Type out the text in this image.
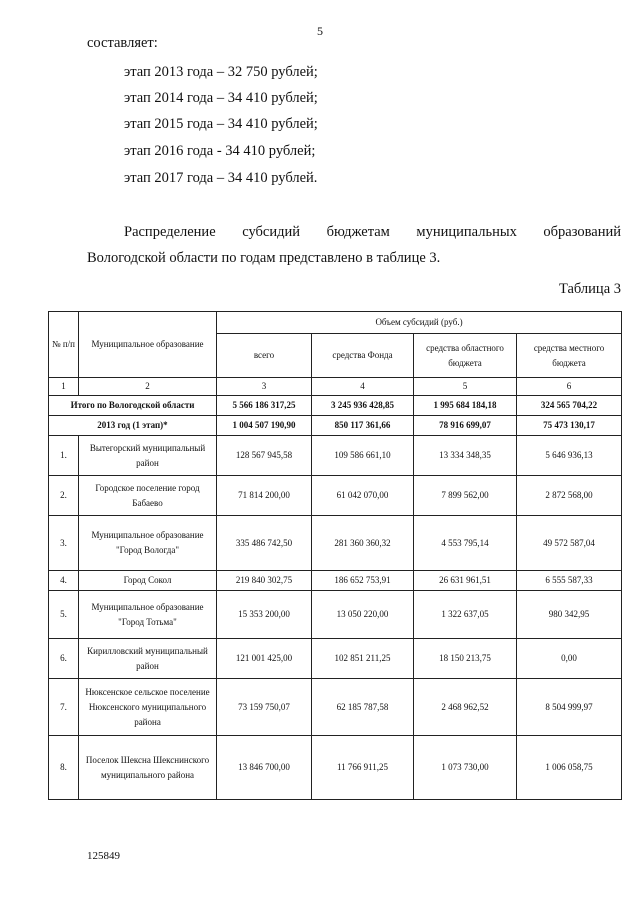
5
составляет:
этап 2013 года – 32 750 рублей;
этап 2014 года – 34 410 рублей;
этап 2015 года – 34 410 рублей;
этап 2016 года - 34 410 рублей;
этап 2017 года – 34 410 рублей.
Распределение субсидий бюджетам муниципальных образований
Вологодской области по годам представлено в таблице 3.
Таблица 3
№ п/п	Муниципальное образование	Объем субсидий (руб.)			
		всего	средства Фонда	средства областного бюджета	средства местного бюджета
1	2	3	4	5	6
Итого по Вологодской области		5 566 186 317,25	3 245 936 428,85	1 995 684 184,18	324 565 704,22
2013 год (1 этап)*		1 004 507 190,90	850 117 361,66	78 916 699,07	75 473 130,17
1.	Вытегорский муниципальный район	128 567 945,58	109 586 661,10	13 334 348,35	5 646 936,13
2.	Городское поселение город Бабаево	71 814 200,00	61 042 070,00	7 899 562,00	2 872 568,00
3.	Муниципальное образование "Город Вологда"	335 486 742,50	281 360 360,32	4 553 795,14	49 572 587,04
4.	Город Сокол	219 840 302,75	186 652 753,91	26 631 961,51	6 555 587,33
5.	Муниципальное образование "Город Тотьма"	15 353 200,00	13 050 220,00	1 322 637,05	980 342,95
6.	Кирилловский муниципальный район	121 001 425,00	102 851 211,25	18 150 213,75	0,00
7.	Нюксенское сельское поселение Нюксенского муниципального района	73 159 750,07	62 185 787,58	2 468 962,52	8 504 999,97
8.	Поселок Шексна Шекснинского муниципального района	13 846 700,00	11 766 911,25	1 073 730,00	1 006 058,75
125849
